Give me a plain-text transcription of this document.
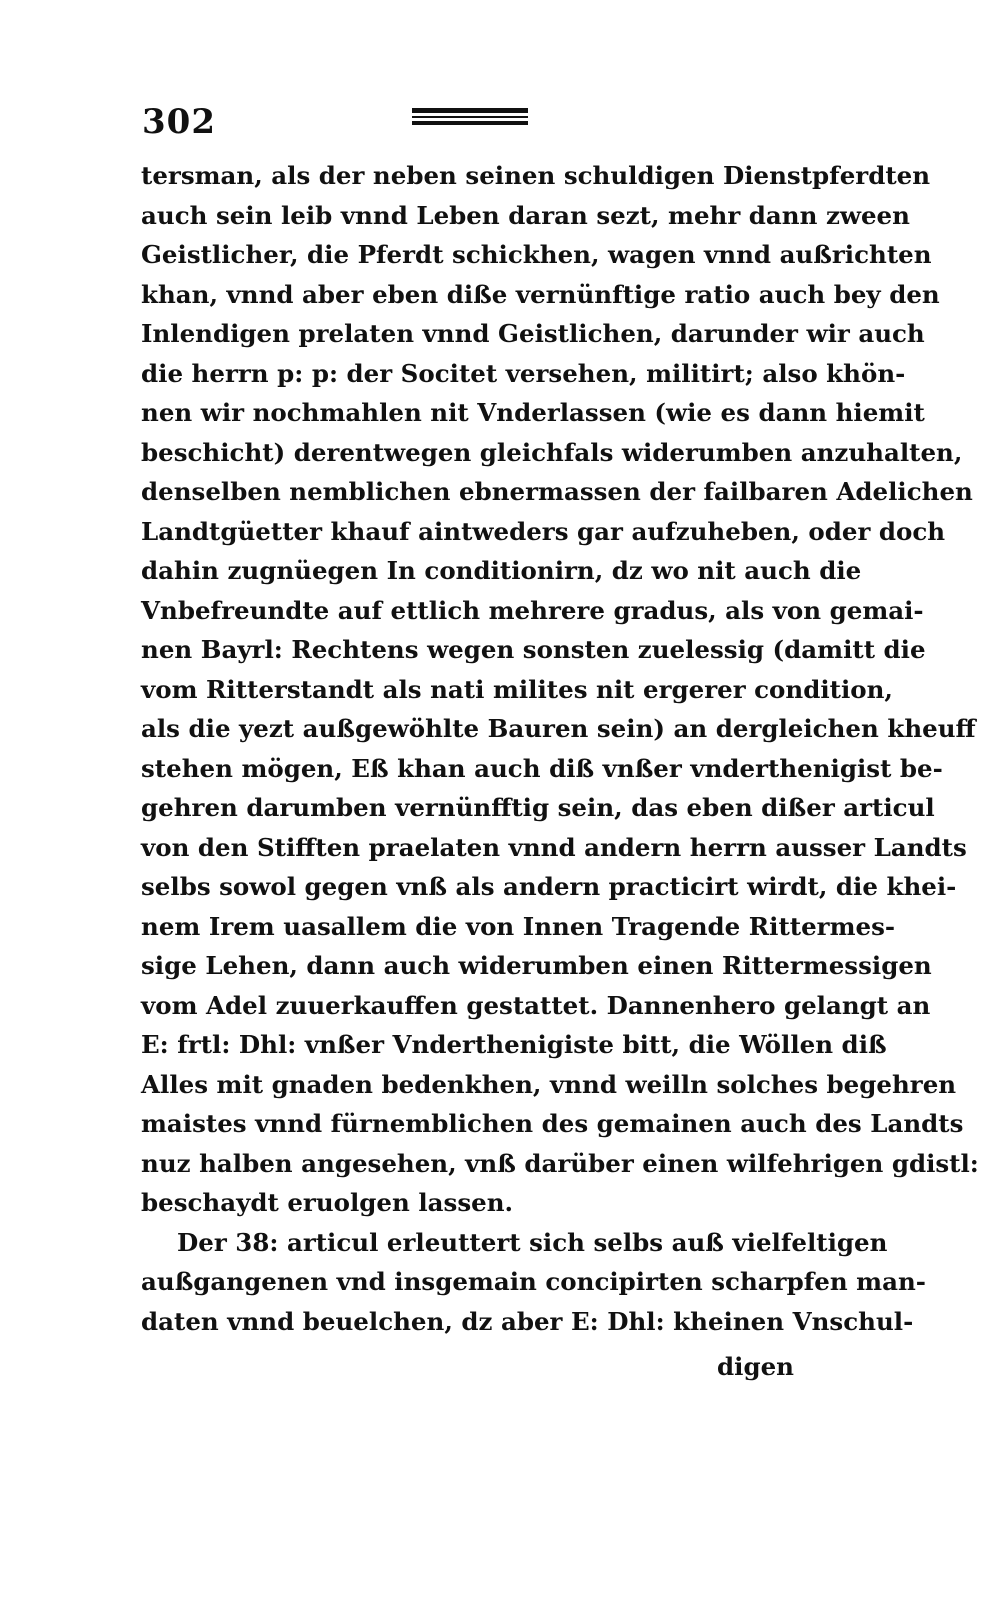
302
tersman, als der neben seinen schuldigen Dienstpferdten
auch sein leib vnnd Leben daran sezt, mehr dann zween
Geistlicher, die Pferdt schickhen, wagen vnnd außrichten
khan, vnnd aber eben diße vernünftige ratio auch bey den
Inlendigen prelaten vnnd Geistlichen, darunder wir auch
die herrn p: p: der Socitet versehen, militirt; also khön-
nen wir nochmahlen nit Vnderlassen (wie es dann hiemit
beschicht) derentwegen gleichfals widerumben anzuhalten,
denselben nemblichen ebnermassen der failbaren Adelichen
Landtgüetter khauf aintweders gar aufzuheben, oder doch
dahin zugnüegen In conditionirn, dz wo nit auch die
Vnbefreundte auf ettlich mehrere gradus, als von gemai-
nen Bayrl: Rechtens wegen sonsten zuelessig (damitt die
vom Ritterstandt als nati milites nit ergerer condition,
als die yezt außgewöhlte Bauren sein) an dergleichen kheuff
stehen mögen, Eß khan auch diß vnßer vnderthenigist be-
gehren darumben vernünfftig sein, das eben dißer articul
von den Stifften praelaten vnnd andern herrn ausser Landts
selbs sowol gegen vnß als andern practicirt wirdt, die khei-
nem Irem uasallem die von Innen Tragende Rittermes-
sige Lehen, dann auch widerumben einen Rittermessigen
vom Adel zuuerkauffen gestattet. Dannenhero gelangt an
E: frtl: Dhl: vnßer Vnderthenigiste bitt, die Wöllen diß
Alles mit gnaden bedenkhen, vnnd weilln solches begehren
maistes vnnd fürnemblichen des gemainen auch des Landts
nuz halben angesehen, vnß darüber einen wilfehrigen gdistl:
beschaydt eruolgen lassen.
Der 38: articul erleuttert sich selbs auß vielfeltigen
außgangenen vnd insgemain concipirten scharpfen man-
daten vnnd beuelchen, dz aber E: Dhl: kheinen Vnschul-
digen
